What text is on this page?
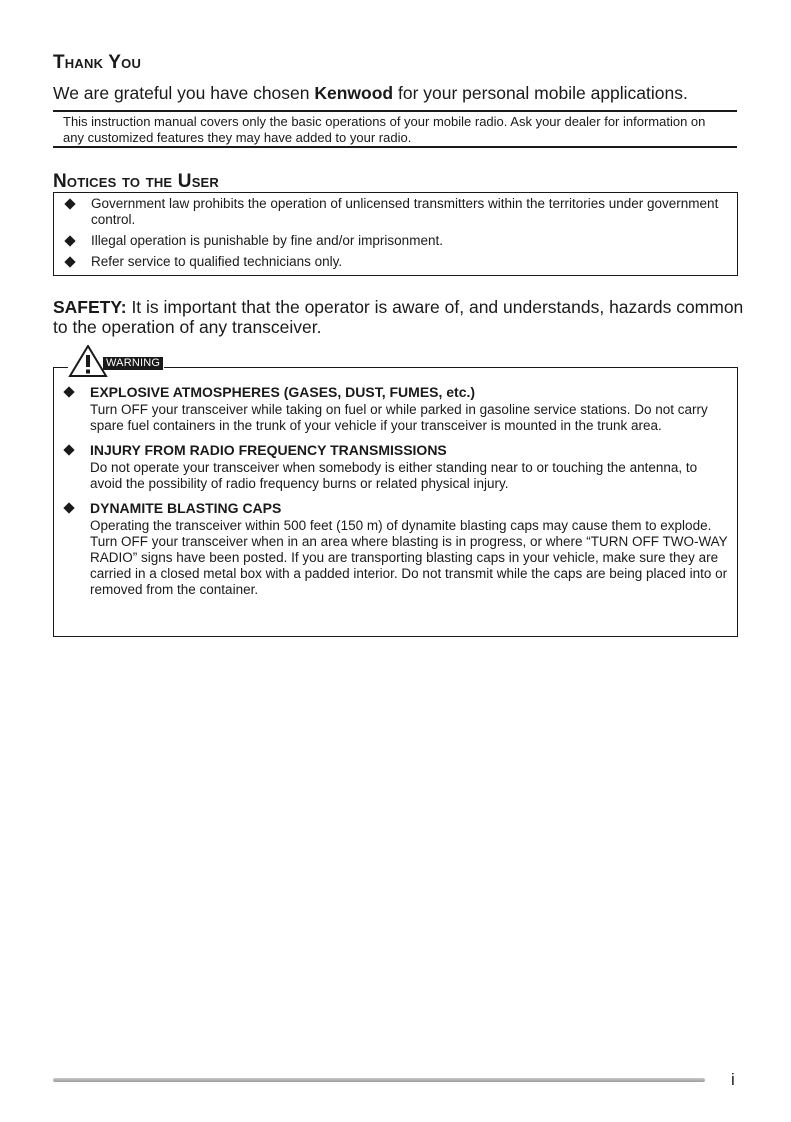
Thank You
We are grateful you have chosen Kenwood for your personal mobile applications.
This instruction manual covers only the basic operations of your mobile radio. Ask your dealer for information on any customized features they may have added to your radio.
Notices to the User
Government law prohibits the operation of unlicensed transmitters within the territories under government control.
Illegal operation is punishable by fine and/or imprisonment.
Refer service to qualified technicians only.
SAFETY: It is important that the operator is aware of, and understands, hazards common to the operation of any transceiver.
WARNING
EXPLOSIVE ATMOSPHERES (GASES, DUST, FUMES, etc.)
Turn OFF your transceiver while taking on fuel or while parked in gasoline service stations. Do not carry spare fuel containers in the trunk of your vehicle if your transceiver is mounted in the trunk area.
INJURY FROM RADIO FREQUENCY TRANSMISSIONS
Do not operate your transceiver when somebody is either standing near to or touching the antenna, to avoid the possibility of radio frequency burns or related physical injury.
DYNAMITE BLASTING CAPS
Operating the transceiver within 500 feet (150 m) of dynamite blasting caps may cause them to explode. Turn OFF your transceiver when in an area where blasting is in progress, or where “TURN OFF TWO-WAY RADIO” signs have been posted. If you are transporting blasting caps in your vehicle, make sure they are carried in a closed metal box with a padded interior. Do not transmit while the caps are being placed into or removed from the container.
i
